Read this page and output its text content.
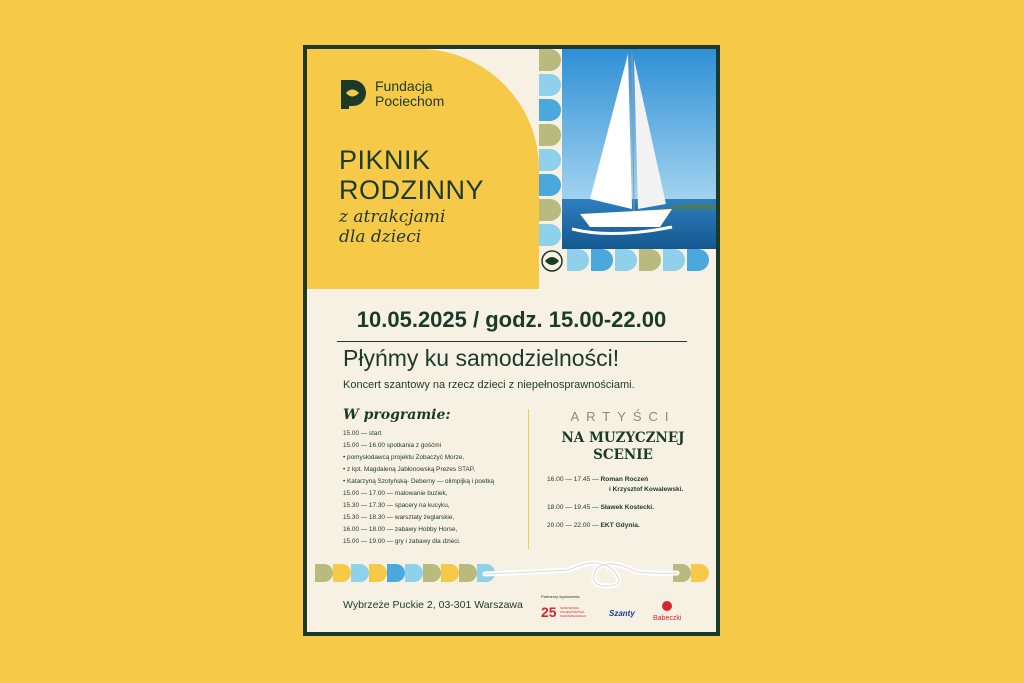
Fundacja
Pociechom
PIKNIK
RODZINNY
z atrakcjami
dla dzieci
10.05.2025 / godz. 15.00-22.00
Płyńmy ku samodzielności!
Koncert szantowy na rzecz dzieci z niepełnosprawnościami.
W programie:
15.00 — start
15.00 — 16.00 spotkania z gośćmi
• pomysłodawcą projektu Zobaczyć Morze,
• z kpt. Magdaleną Jabłonowską Prezes STAP,
• Katarzyną Szotyńską- Deberny — olimpijką i poetką
15.00 — 17.00 — malowanie buziek,
15.30 — 17.30 — spacery na kucyku,
15.30 — 18.30 — warsztaty żeglarskie,
16.00 — 18.00 — zabawy Hobby Horse,
15.00 — 19.00 — gry i zabawy dla dzieci.
ARTYŚCI
NA MUZYCZNEJ
SCENIE
16.00 — 17.45 — Roman Roczeń
i Krzysztof Kowalewski.
18.00 — 19.45 — Sławek Kostecki.
20.00 — 22.00 — EKT Gdynia.
Wybrzeże Puckie 2, 03-301 Warszawa
Partnerzy wydarzenia
25 SAMORZĄDU
WOJEWÓDZTWA
MAZOWIECKIEGO	Szanty
Babeczki
